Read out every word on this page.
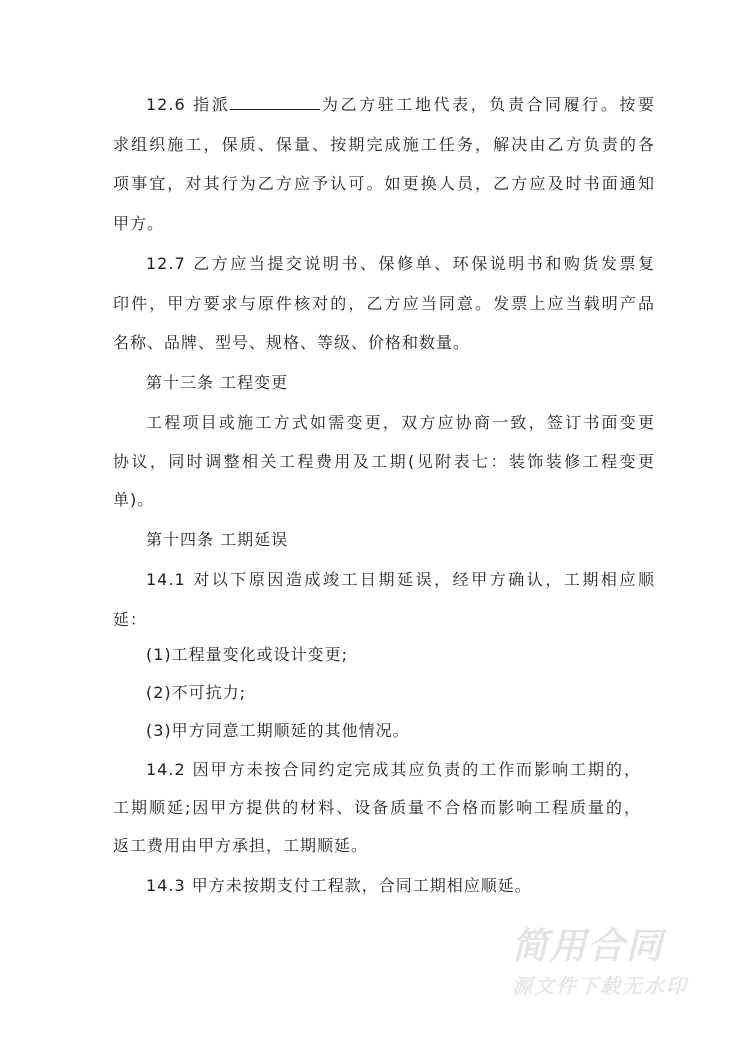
12.6 指派	为乙方驻工地代表，负责合同履行。按要
求组织施工，保质、保量、按期完成施工任务，解决由乙方负责的各
项事宜，对其行为乙方应予认可。如更换人员，乙方应及时书面通知
甲方。
12.7 乙方应当提交说明书、保修单、环保说明书和购货发票复
印件，甲方要求与原件核对的，乙方应当同意。发票上应当载明产品
名称、品牌、型号、规格、等级、价格和数量。
第十三条 工程变更
工程项目或施工方式如需变更，双方应协商一致，签订书面变更
协议，同时调整相关工程费用及工期(见附表七：装饰装修工程变更
单)。
第十四条 工期延误
14.1 对以下原因造成竣工日期延误，经甲方确认，工期相应顺
延：
(1)工程量变化或设计变更;
(2)不可抗力;
(3)甲方同意工期顺延的其他情况。
14.2 因甲方未按合同约定完成其应负责的工作而影响工期的，
工期顺延;因甲方提供的材料、设备质量不合格而影响工程质量的，
返工费用由甲方承担，工期顺延。
14.3 甲方未按期支付工程款，合同工期相应顺延。
简用合同
源文件下载无水印
